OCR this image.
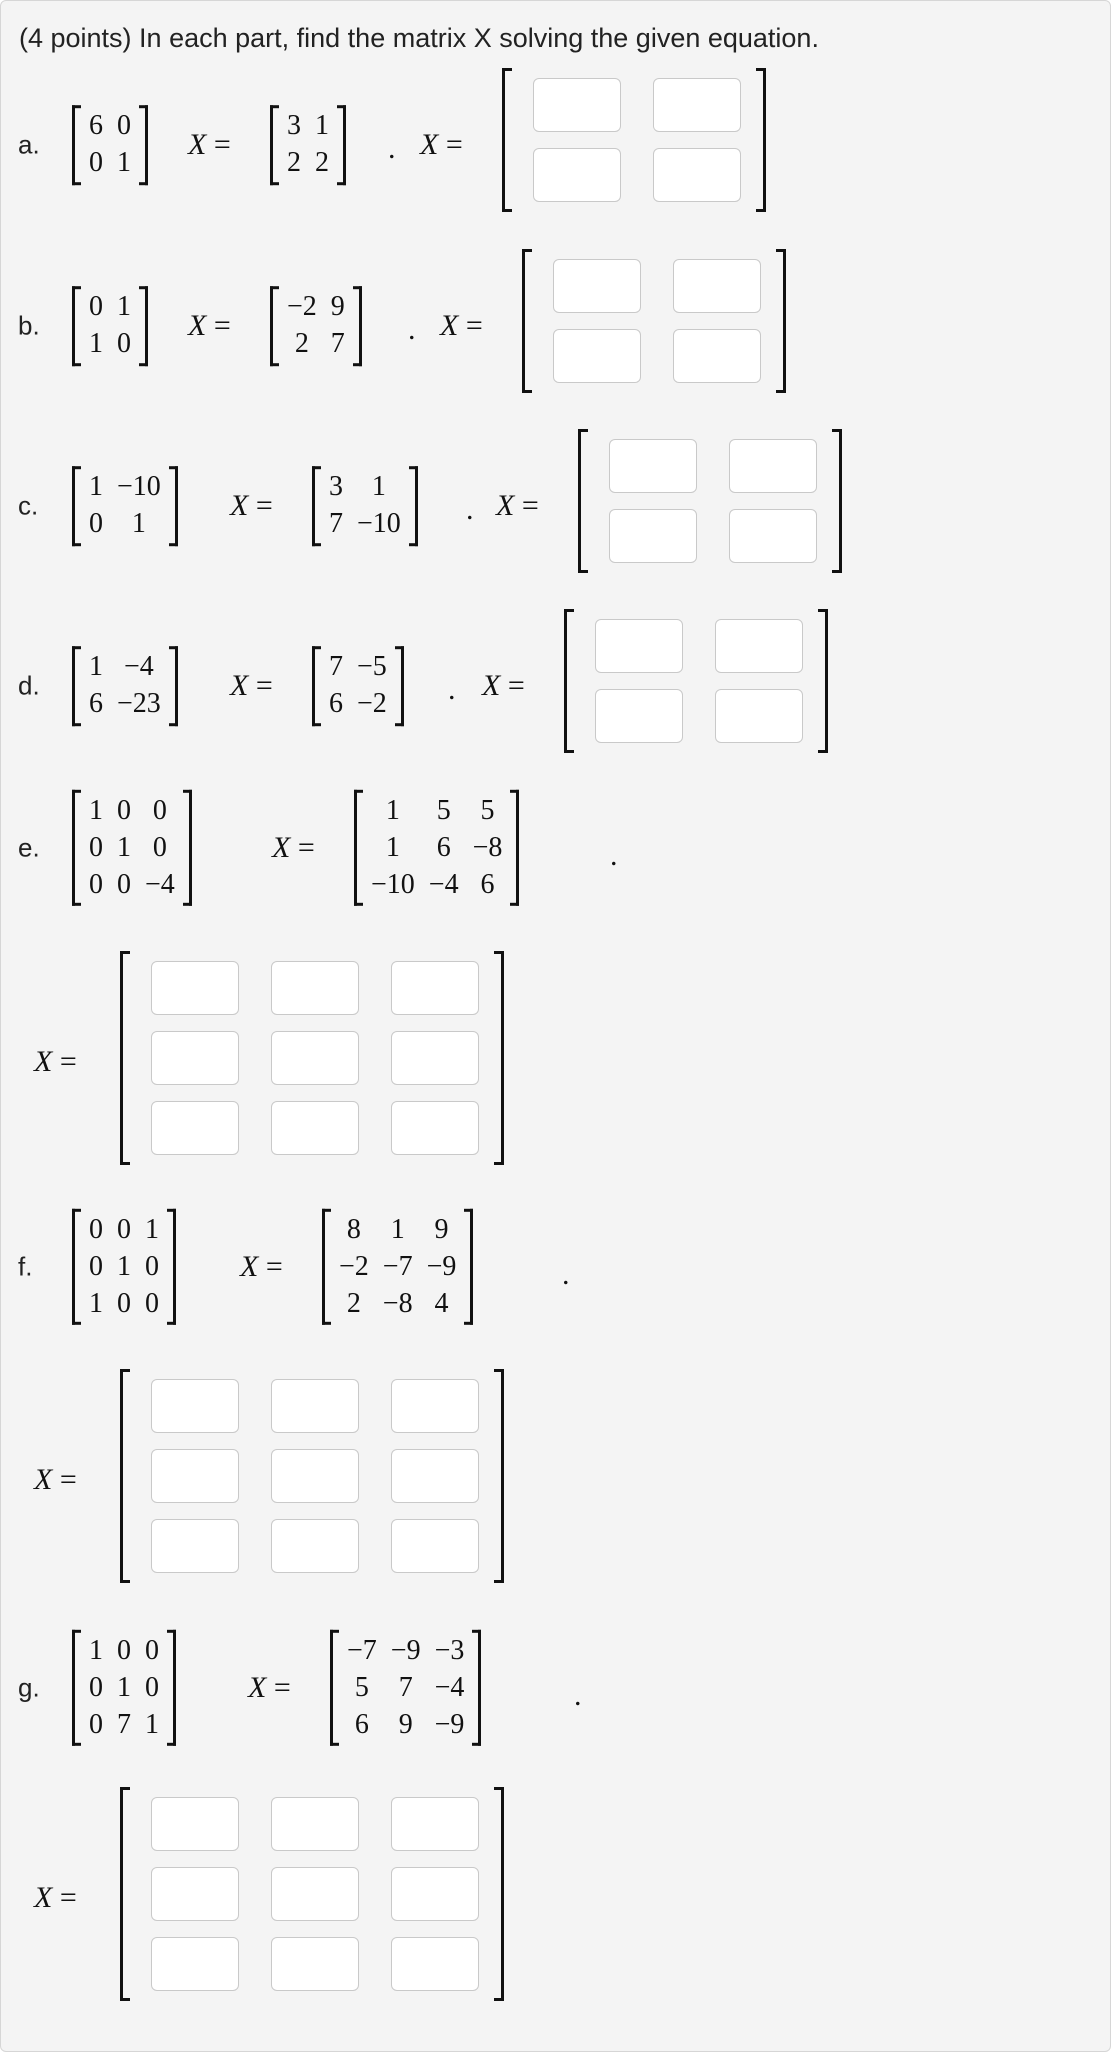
(4 points) In each part, find the matrix X solving the given equation.
a.
6 0
0 1
X =
3 1
2 2 . X =
b.
0 1
1 0
X =
−2 9
2 7 . X =
c.
1 −10
0	1
X =
3	1
7 −10 . X =
d.
1 −4
6 −23
X =
7 −5
6 −2 . X =
e.
1 0 0
0 1 0
0 0 −4
X =
1	5 5
1	6 −8
−10 −4 6
.
X =
f.
0 0 1
0 1 0
1 0 0
X =
8 1 9
−2 −7 −9
2 −8 4
.
X =
g.
1 0 0
0 1 0
0 7 1
X =
−7 −9 −3
5 7 −4
6 9 −9
.
X =
